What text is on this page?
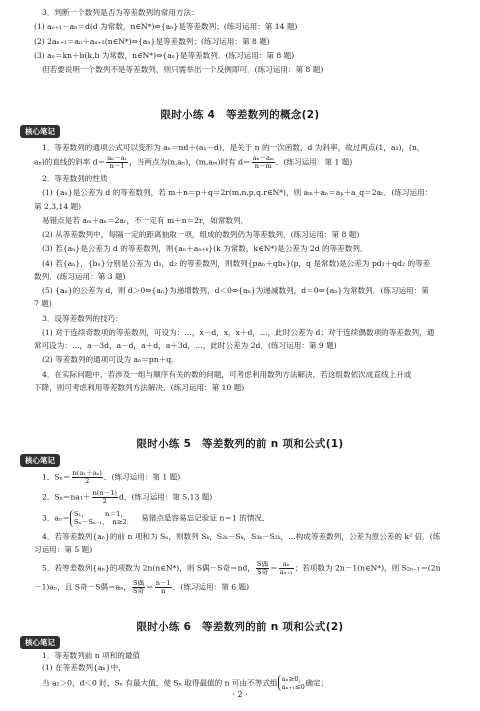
3．判断一个数列是否为等差数列的常用方法：
(1) aₙ₊₁－aₙ＝d(d 为常数，n∈N*)⇔{aₙ}是等差数列；(练习运用：第 14 题)
(2) 2aₙ₊₁＝aₙ＋aₙ₊₂(n∈N*)⇔{aₙ}是等差数列；(练习运用：第 8 题)
(3) aₙ＝kn＋b(k,b 为常数，n∈N*)⇔{aₙ}是等差数列．(练习运用：第 8 题)
但若要说明一个数列不是等差数列，则只需举出一个反例即可．(练习运用：第 8 题)
限时小练 4　等差数列的概念(2)
核心笔记
1．等差数列的通项公式可以变形为 aₙ＝nd＋(a₁－d)，是关于 n 的一次函数，d 为斜率，故过两点(1，a₁)，(n，
aₙ)的直线的斜率 $d= \frac{\text{aₙ－a₁}}{n-1}$ ，当两点为(n,aₙ)，(m,aₘ)时有 $d= \frac{\text{aₙ－aₘ}}{n-m}$ ．(练习运用：第 1 题)
2．等差数列的性质
(1) {aₙ}是公差为 d 的等差数列，若 m＋n＝p＋q＝2r(m,n,p,q,r∈N*)，则 aₘ＋aₙ＝aₚ＋a_q＝2aᵣ．(练习运用：
第 2,3,14 题)
易错点是若 aₘ＋aₙ＝2aᵣ，不一定有 m＋n＝2r，如常数列．
(2) 从等差数列中，每隔一定的距离抽取一项，组成的数列仍为等差数列．(练习运用：第 8 题)
(3) 若{aₙ}是公差为 d 的等差数列，则{aₙ＋aₙ₊ₖ}(k 为常数，k∈N*)是公差为 2d 的等差数列．
(4) 若{aₙ}，{bₙ}分别是公差为 d₁，d₂ 的等差数列，则数列{paₙ＋qbₙ}(p，q 是常数)是公差为 pd₁＋qd₂ 的等差
数列．(练习运用：第 3 题)
(5) {aₙ}的公差为 d，则 d＞0⇔{aₙ}为递增数列，d＜0⇔{aₙ}为递减数列，d＝0⇔{aₙ}为常数列．(练习运用：第
7 题)
3．设等差数列的技巧：
(1) 对于连续奇数项的等差数列，可设为：…，x－d，x，x＋d，…，此时公差为 d；对于连续偶数项的等差数列，通
常可设为：…，a－3d，a－d，a＋d，a＋3d，…，此时公差为 2d．(练习运用：第 9 题)
(2) 等差数列的通项可设为 aₙ＝pn＋q．
4．在实际问题中，若涉及一组与顺序有关的数的问题，可考虑利用数列方法解决，若这组数依次成直线上升或
下降，则可考虑利用等差数列方法解决．(练习运用：第 10 题)
限时小练 5　等差数列的前 n 项和公式(1)
核心笔记
1．$S_n= \frac{\text{n(a₁＋aₙ)}}{2}$ ．(练习运用：第 1 题)
2．$S_n=na_1+ \frac{n(n-1)}{2}$ d．(练习运用：第 5,13 题)
3．aₙ＝ S₁，　　　n＝1，
Sₙ－Sₙ₋₁，　n≥2．
　 易错点是容易忘记验证 n＝1 的情况．
4．若等差数列{aₙ}的前 n 项和为 Sₙ，则数列 Sₖ，S₂ₖ－Sₖ，S₃ₖ－S₂ₖ，…构成等差数列，公差为原公差的 k² 倍．(练
习运用：第 5 题)
5．若等差数列{aₙ}的项数为 2n(n∈N*)，则 S偶－S奇＝nd， $\frac{\text{S偶}}{\text{S奇}} = \frac{\text{aₙ}}{\text{aₙ₊₁}}$ ；若项数为 2n－1(n∈N*)，则 S₂ₙ₋₁＝(2n
－1)aₙ，且 S奇－S偶＝aₙ， $\frac{\text{S偶}}{\text{S奇}} = \frac{n-1}{n}$ ．(练习运用：第 6 题)
限时小练 6　等差数列的前 n 项和公式(2)
核心笔记
1．等差数列前 n 项和的最值
(1) 在等差数列{aₙ}中，
当 a₁＞0，d＜0 时，Sₙ 有最大值，使 Sₙ 取得最值的 n 可由不等式组 aₙ≥0，
aₙ₊₁≤0 确定；
· 2 ·
